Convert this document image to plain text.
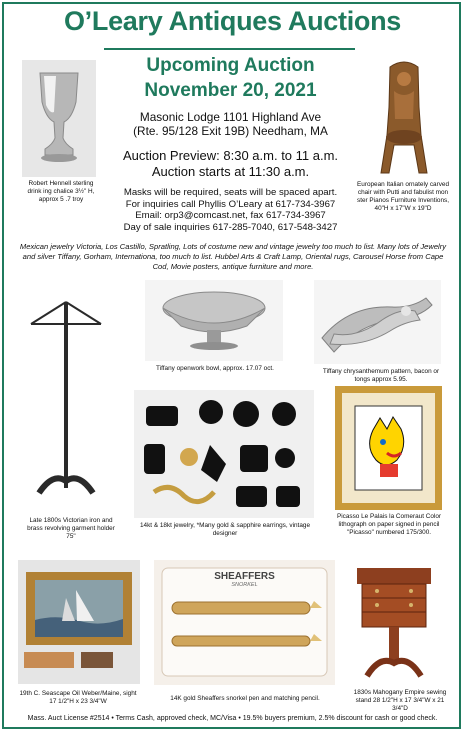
O’Leary Antiques Auctions
Upcoming Auction
November 20, 2021
Masonic Lodge 1101 Highland Ave
(Rte. 95/128 Exit 19B) Needham, MA
Auction Preview: 8:30 a.m. to 11 a.m.
Auction starts at 11:30 a.m.
Masks will be required, seats will be spaced apart.
For inquiries call Phyllis O’Leary at 617-734-3967
Email: orp3@comcast.net, fax 617-734-3967
Day of sale inquiries 617-285-7040, 617-548-3427
Mexican jewelry Victoria, Los Castillo, Spratling, Lots of costume new and vintage jewelry too much to list. Many lots of Jewelry and silver Tiffany, Gorham, Internationa, too much to list. Hubbel Arts & Craft Lamp, Oriental rugs, Carousel Horse from Cape Cod, Movie posters, antique furniture and more.
Robert Hennell sterling drink ing chalice 3½" H, approx 5 .7 troy
European Italian ornately carved chair with Putti and fabulist mon ster Pianos Furniture Inventions, 40"H x 17"W x 19"D
Tiffany openwork bowl, approx. 17.07 oct.	Tiffany chrysanthemum pattern, bacon or tongs approx 5.95.
Late 1800s Victorian iron and brass revolving garment holder 75"
14kt & 18kt jewelry, *Many gold & sapphire earrings, vintage designer
Picasso Le Palais la Comeraut Color lithograph on paper signed in pencil "Picasso" numbered 175/300.
19th C. Seascape Oil Weber/Maine, sight 17 1/2"H x 23 3/4"W
SHEAFFERS
SNORKEL
14K gold Sheaffers snorkel pen and matching pencil.
1830s Mahogany Empire sewing stand 28 1/2"H x 17 3/4"W x 21 3/4"D
Mass. Auct License #2514 • Terms Cash, approved check, MC/Visa • 19.5% buyers premium, 2.5% discount for cash or good check.
